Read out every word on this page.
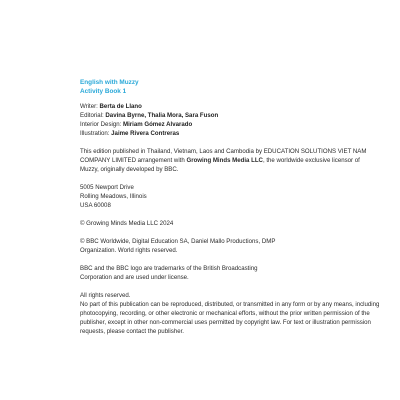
English with Muzzy
Activity Book 1
Writer: Berta de Llano
Editorial: Davina Byrne, Thalia Mora, Sara Fuson
Interior Design: Miriam Gómez Alvarado
Illustration: Jaime Rivera Contreras
This edition published in Thailand, Vietnam, Laos and Cambodia by EDUCATION SOLUTIONS VIET NAM COMPANY LIMITED arrangement with Growing Minds Media LLC, the worldwide exclusive licensor of Muzzy, originally developed by BBC.
5005 Newport Drive
Rolling Meadows, Illinois
USA 60008
© Growing Minds Media LLC 2024
© BBC Worldwide, Digital Education SA, Daniel Mallo Productions, DMP Organization. World rights reserved.
BBC and the BBC logo are trademarks of the British Broadcasting Corporation and are used under license.
All rights reserved.
No part of this publication can be reproduced, distributed, or transmitted in any form or by any means, including photocopying, recording, or other electronic or mechanical efforts, without the prior written permission of the publisher, except in other non-commercial uses permitted by copyright law. For text or illustration permission requests, please contact the publisher.
